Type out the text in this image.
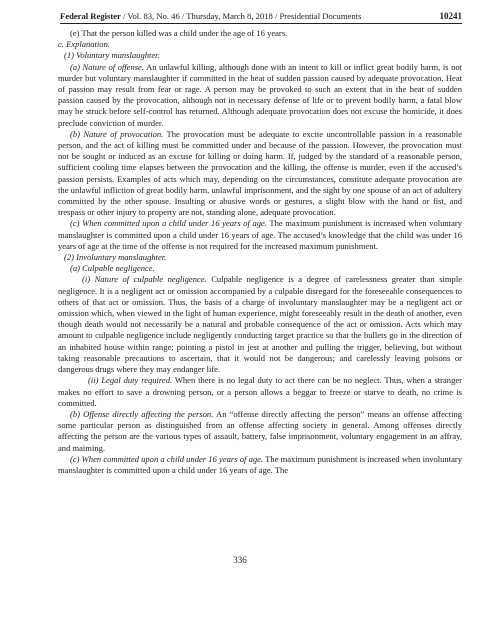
Federal Register / Vol. 83, No. 46 / Thursday, March 8, 2018 / Presidential Documents	10241

(e) That the person killed was a child under the age of 16 years.

c. Explanation.

(1) Voluntary manslaughter.

(a) Nature of offense. An unlawful killing, although done with an intent to kill or inflict great bodily harm, is not murder but voluntary manslaughter if committed in the heat of sudden passion caused by adequate provocation. Heat of passion may result from fear or rage. A person may be provoked to such an extent that in the heat of sudden passion caused by the provocation, although not in necessary defense of life or to prevent bodily harm, a fatal blow may be struck before self-control has returned. Although adequate provocation does not excuse the homicide, it does preclude conviction of murder.

(b) Nature of provocation. The provocation must be adequate to excite uncontrollable passion in a reasonable person, and the act of killing must be committed under and because of the passion. However, the provocation must not be sought or induced as an excuse for killing or doing harm. If, judged by the standard of a reasonable person, sufficient cooling time elapses between the provocation and the killing, the offense is murder, even if the accused’s passion persists. Examples of acts which may, depending on the circumstances, constitute adequate provocation are the unlawful infliction of great bodily harm, unlawful imprisonment, and the sight by one spouse of an act of adultery committed by the other spouse. Insulting or abusive words or gestures, a slight blow with the hand or fist, and trespass or other injury to property are not, standing alone, adequate provocation.

(c) When committed upon a child under 16 years of age. The maximum punishment is increased when voluntary manslaughter is committed upon a child under 16 years of age. The accused’s knowledge that the child was under 16 years of age at the time of the offense is not required for the increased maximum punishment.

(2) Involuntary manslaughter.

(a) Culpable negligence.

(i) Nature of culpable negligence. Culpable negligence is a degree of carelessness greater than simple negligence. It is a negligent act or omission accompanied by a culpable disregard for the foreseeable consequences to others of that act or omission. Thus, the basis of a charge of involuntary manslaughter may be a negligent act or omission which, when viewed in the light of human experience, might foreseeably result in the death of another, even though death would not necessarily be a natural and probable consequence of the act or omission. Acts which may amount to culpable negligence include negligently conducting target practice so that the bullets go in the direction of an inhabited house within range; pointing a pistol in jest at another and pulling the trigger, believing, but without taking reasonable precautions to ascertain, that it would not be dangerous; and carelessly leaving poisons or dangerous drugs where they may endanger life.

(ii) Legal duty required. When there is no legal duty to act there can be no neglect. Thus, when a stranger makes no effort to save a drowning person, or a person allows a beggar to freeze or starve to death, no crime is committed.

(b) Offense directly affecting the person. An “offense directly affecting the person” means an offense affecting some particular person as distinguished from an offense affecting society in general. Among offenses directly affecting the person are the various types of assault, battery, false imprisonment, voluntary engagement in an affray, and maiming.

(c) When committed upon a child under 16 years of age. The maximum punishment is increased when involuntary manslaughter is committed upon a child under 16 years of age. The

336
